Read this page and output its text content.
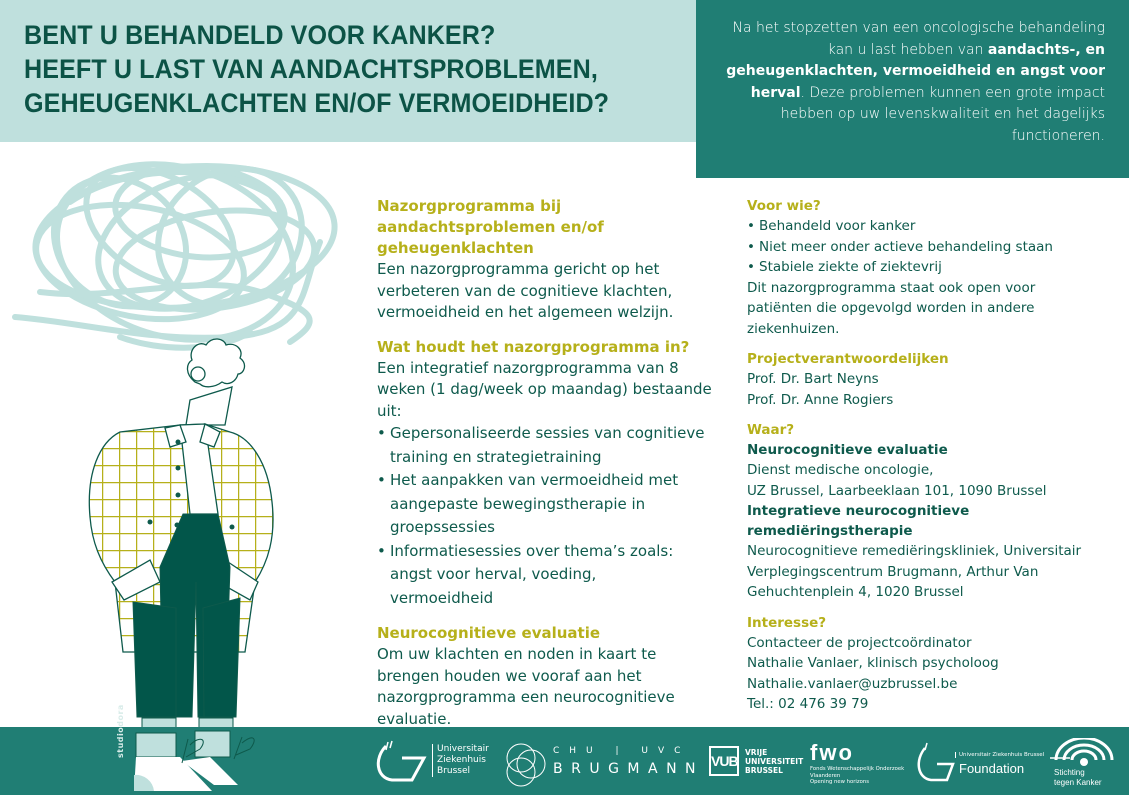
BENT U BEHANDELD VOOR KANKER?
HEEFT U LAST VAN AANDACHTSPROBLEMEN,
GEHEUGENKLACHTEN EN/OF VERMOEIDHEID?

Na het stopzetten van een oncologische behandeling kan u last hebben van aandachts-, en geheugenklachten, vermoeidheid en angst voor herval. Deze problemen kunnen een grote impact hebben op uw levenskwaliteit en het dagelijks functioneren.

Nazorgprogramma bij aandachtsproblemen en/of geheugenklachten

Een nazorgprogramma gericht op het verbeteren van de cognitieve klachten, vermoeidheid en het algemeen welzijn.

Wat houdt het nazorgprogramma in?

Een integratief nazorgprogramma van 8 weken (1 dag/week op maandag) bestaande uit:

• Gepersonaliseerde sessies van cognitieve training en strategietraining
• Het aanpakken van vermoeidheid met aangepaste bewegingstherapie in groepssessies
• Informatiesessies over thema’s zoals: angst voor herval, voeding, vermoeidheid
Neurocognitieve evaluatie

Om uw klachten en noden in kaart te brengen houden we vooraf aan het nazorgprogramma een neurocognitieve evaluatie.

Voor wie?
• Behandeld voor kanker
• Niet meer onder actieve behandeling staan
• Stabiele ziekte of ziektevrij

Dit nazorgprogramma staat ook open voor patiënten die opgevolgd worden in andere ziekenhuizen.

Projectverantwoordelijken

Prof. Dr. Bart Neyns

Prof. Dr. Anne Rogiers

Waar?

Neurocognitieve evaluatie

Dienst medische oncologie,

UZ Brussel, Laarbeeklaan 101, 1090 Brussel

Integratieve neurocognitieve remediëringstherapie

Neurocognitieve remediëringskliniek, Universitair

Verplegingscentrum Brugmann, Arthur Van

Gehuchtenplein 4, 1020 Brussel

Interesse?

Contacteer de projectcoördinator

Nathalie Vanlaer, klinisch psycholoog

Nathalie.vanlaer@uzbrussel.be

Tel.: 02 476 39 79

studiodora	Universitair
Ziekenhuis
Brussel
CHU | UVC
BRUGMANN VUB
VRIJE
UNIVERSITEIT
BRUSSEL
fwo
Fonds Wetenschappelijk Onderzoek
Vlaanderen
Opening new horizons
Universitair Ziekenhuis Brussel
Foundation	Stichting
tegen Kanker
